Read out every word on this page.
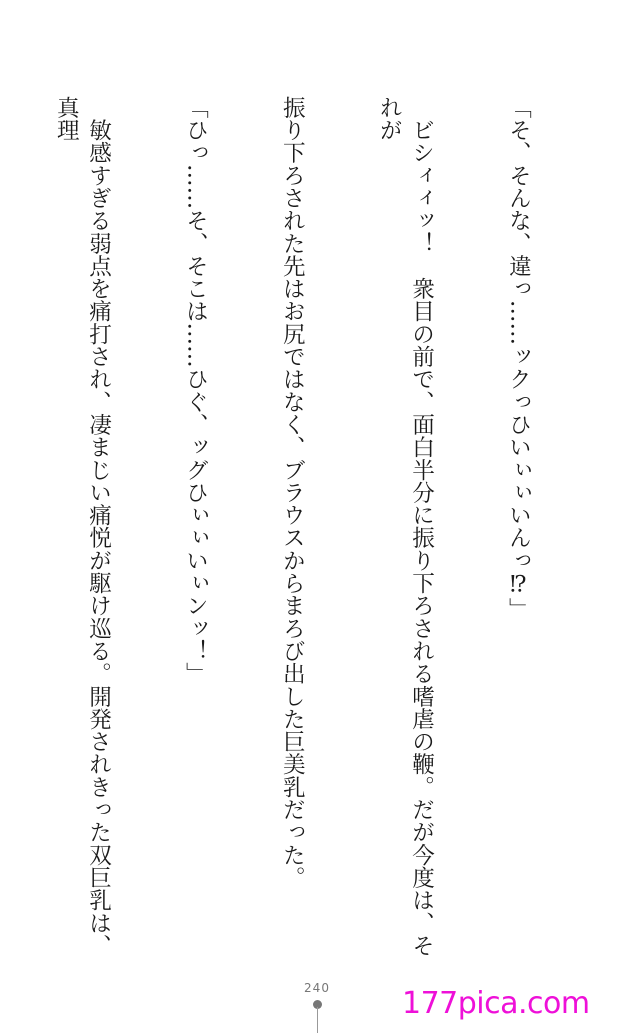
「そ、そんな、違っ……ックっひいぃぃいんっ⁉」

　ビシィィッ！　衆目の前で、面白半分に振り下ろされる嗜虐の鞭。だが今度は、それが

振り下ろされた先はお尻ではなく、ブラウスからまろび出した巨美乳だった。

「ひっ……そ、そこは……ひぐ、ッグひぃぃいぃンッ！」

　敏感すぎる弱点を痛打され、凄まじい痛悦が駆け巡る。開発されきった双巨乳は、真理

240 177pica.com
